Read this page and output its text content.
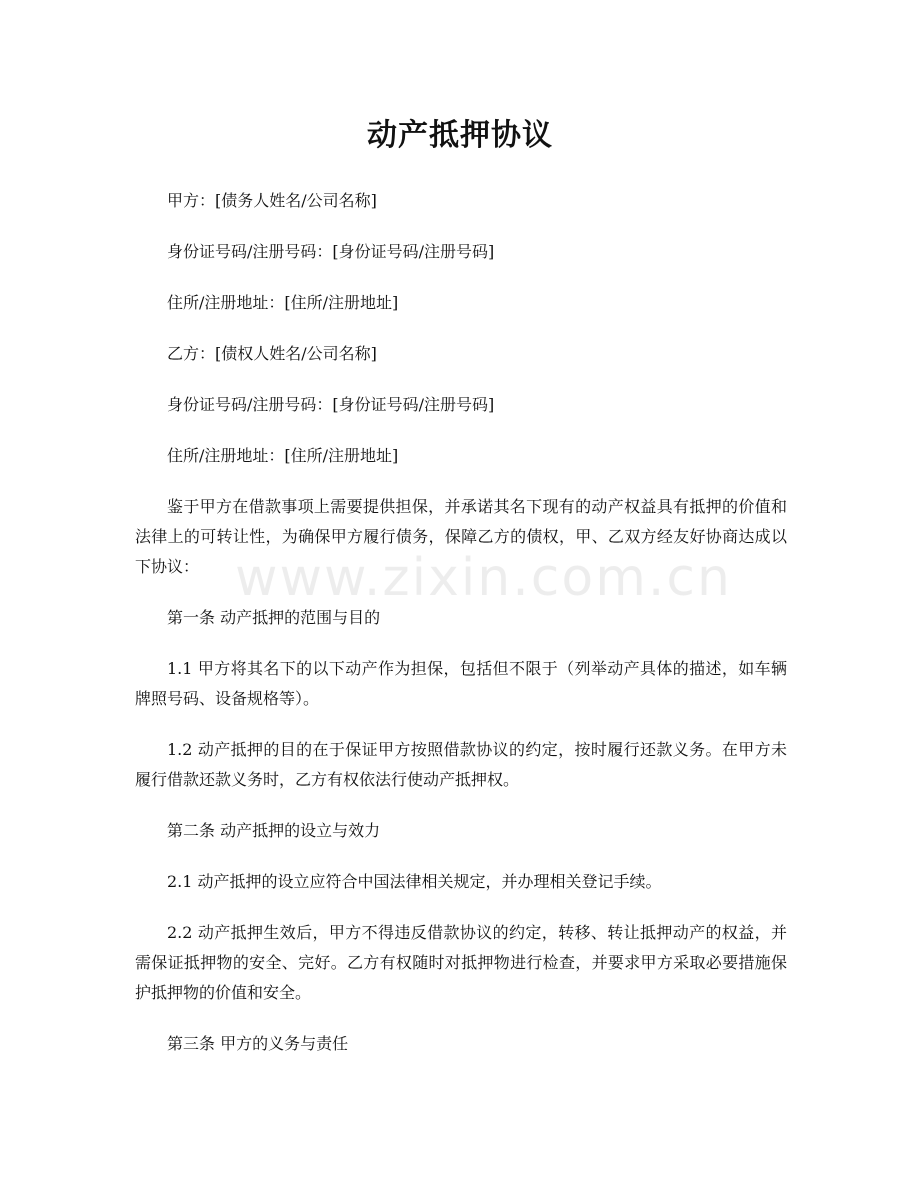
动产抵押协议
www.zixin.com.cn

甲方：[债务人姓名/公司名称]

身份证号码/注册号码：[身份证号码/注册号码]

住所/注册地址：[住所/注册地址]

乙方：[债权人姓名/公司名称]

身份证号码/注册号码：[身份证号码/注册号码]

住所/注册地址：[住所/注册地址]

鉴于甲方在借款事项上需要提供担保，并承诺其名下现有的动产权益具有抵押的价值和法律上的可转让性，为确保甲方履行债务，保障乙方的债权，甲、乙双方经友好协商达成以下协议：

第一条 动产抵押的范围与目的

1.1 甲方将其名下的以下动产作为担保，包括但不限于（列举动产具体的描述，如车辆牌照号码、设备规格等）。

1.2 动产抵押的目的在于保证甲方按照借款协议的约定，按时履行还款义务。在甲方未履行借款还款义务时，乙方有权依法行使动产抵押权。

第二条 动产抵押的设立与效力

2.1 动产抵押的设立应符合中国法律相关规定，并办理相关登记手续。

2.2 动产抵押生效后，甲方不得违反借款协议的约定，转移、转让抵押动产的权益，并需保证抵押物的安全、完好。乙方有权随时对抵押物进行检查，并要求甲方采取必要措施保护抵押物的价值和安全。

第三条 甲方的义务与责任
